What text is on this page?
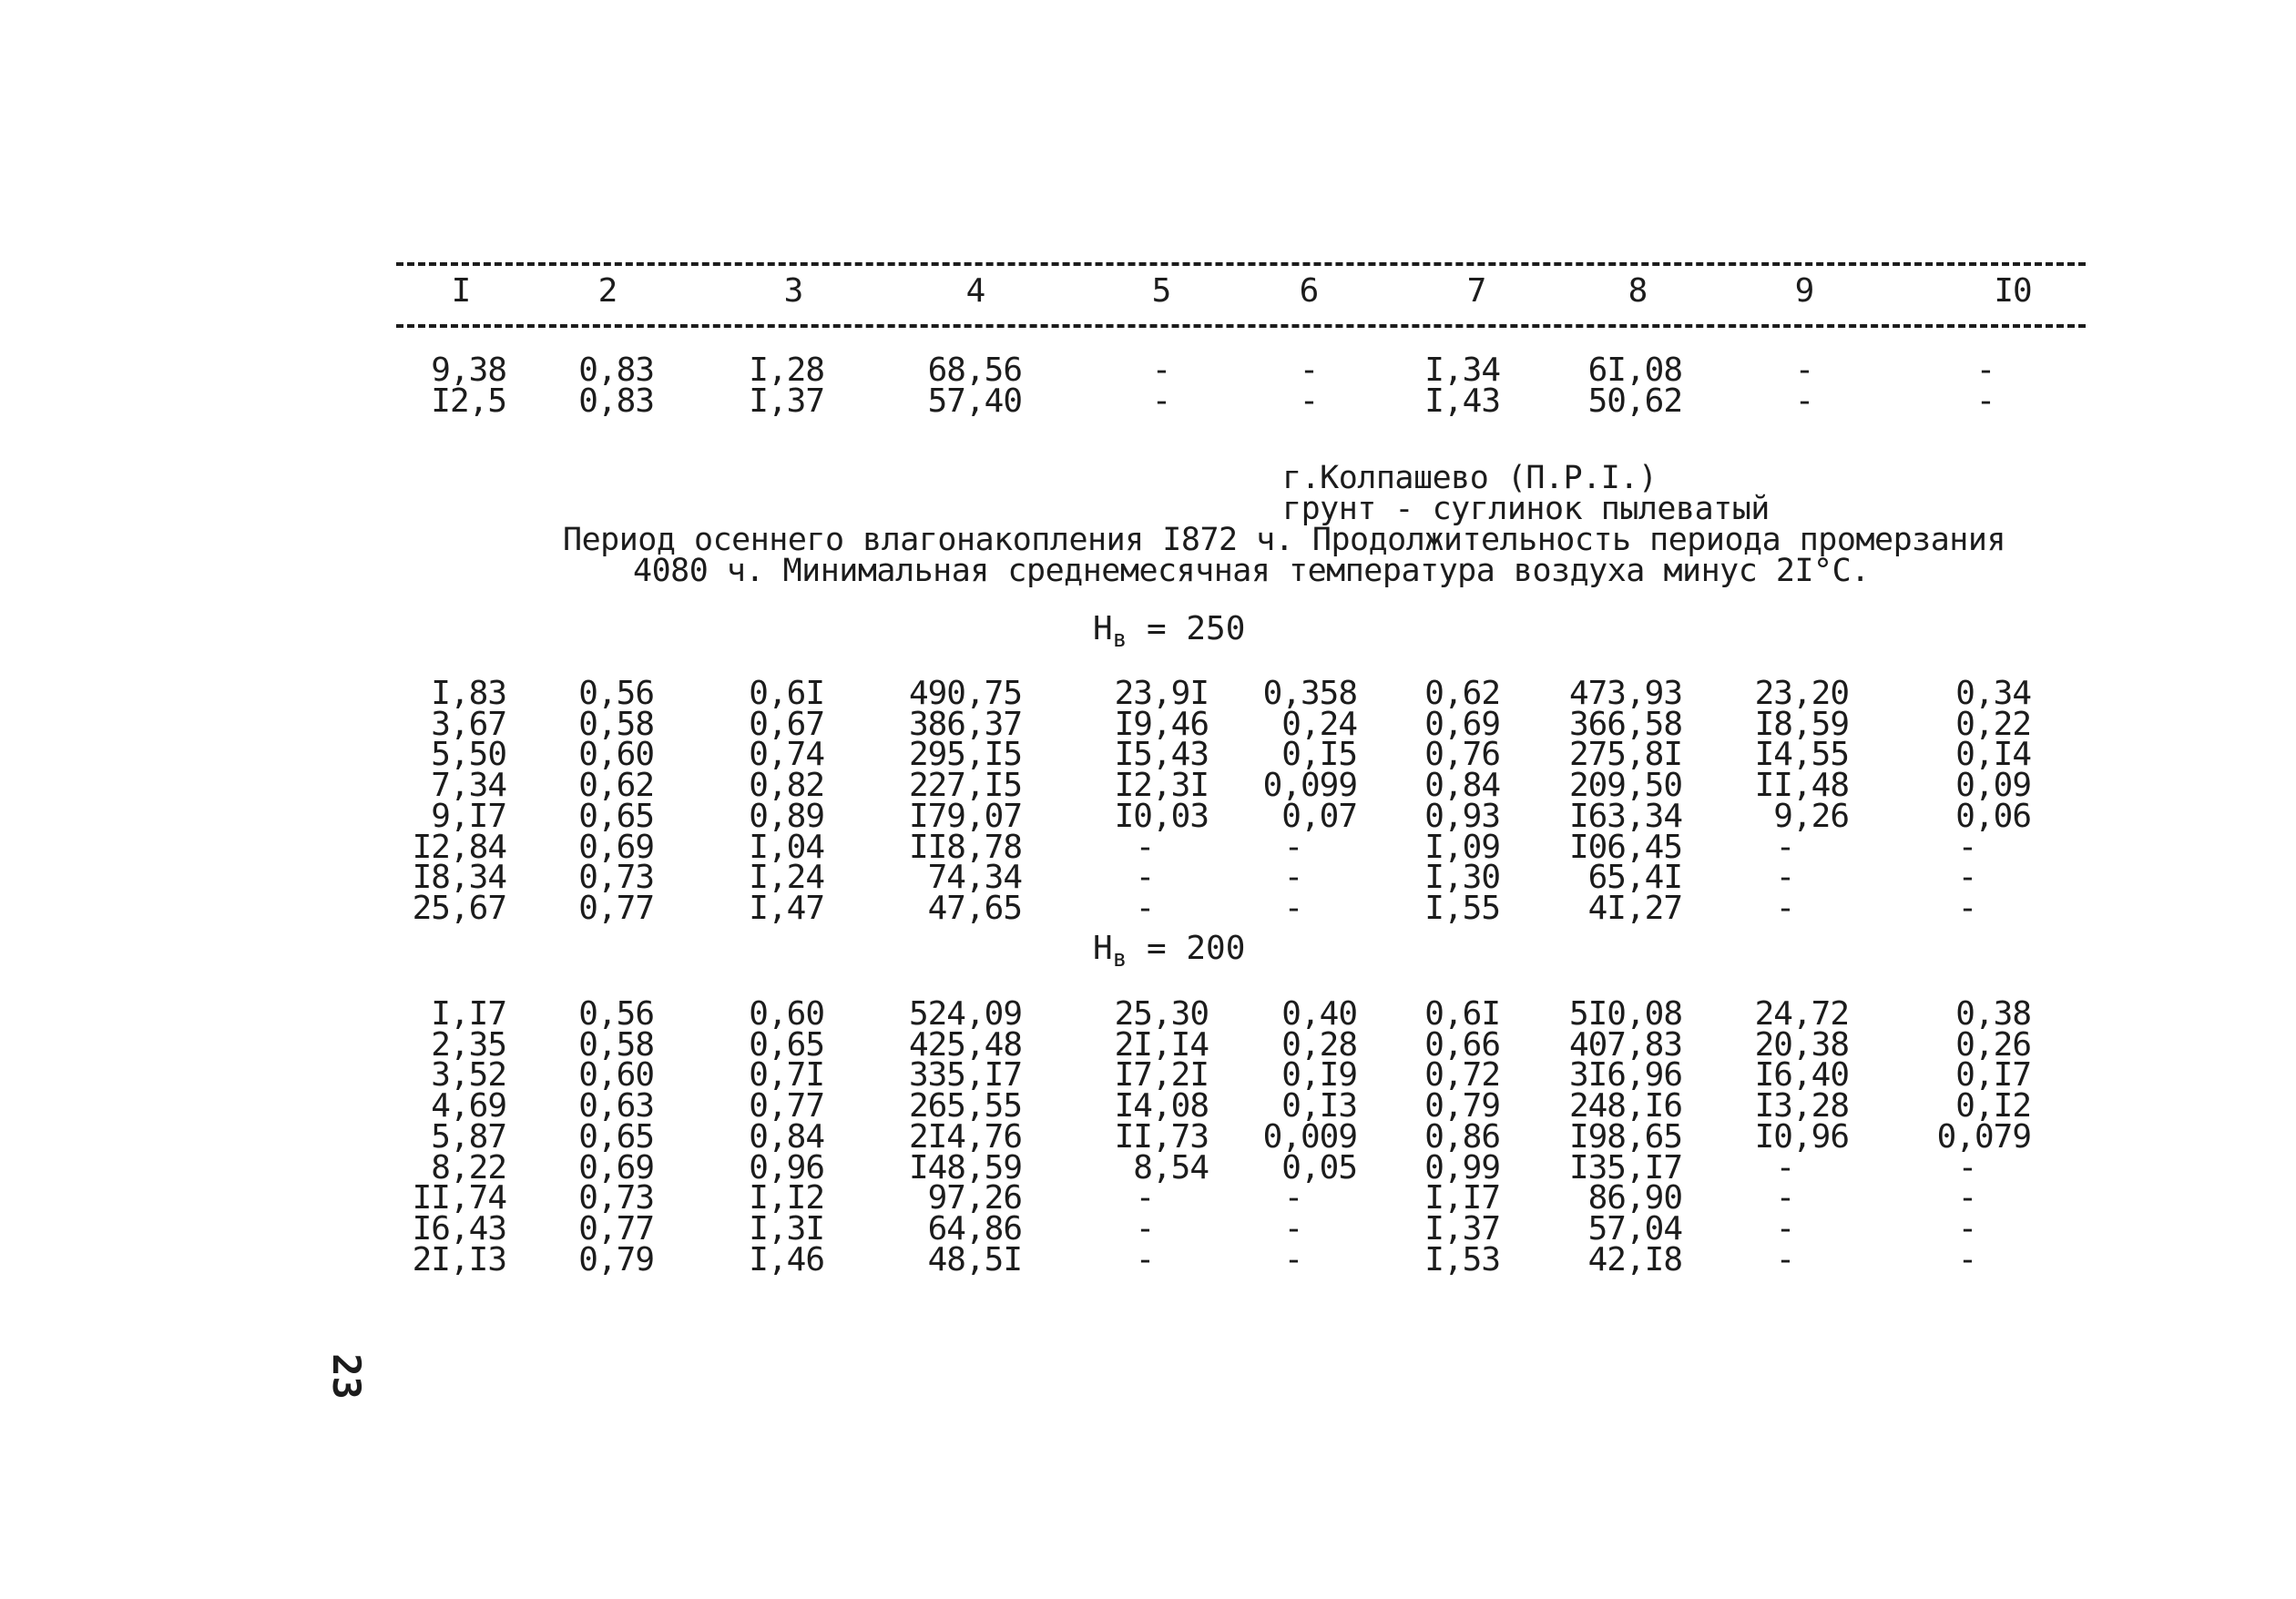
I	2	3	4	5	6	7	8	9	I0
9,38	0,83	I,28	68,56	-	-	I,34	6I,08	-	-
I2,5	0,83	I,37	57,40	-	-	I,43	50,62	-	-
г.Колпашево (П.Р.I.)
грунт - суглинок пылеватый
Период осеннего влагонакопления I872 ч. Продолжительность периода промерзания
4080 ч. Минимальная среднемесячная температура воздуха минус 2I°С.
$H_в = 250$
I,83	0,56	0,6I	490,75	23,9I	0,358	0,62	473,93	23,20	0,34
3,67	0,58	0,67	386,37	I9,46	0,24	0,69	366,58	I8,59	0,22
5,50	0,60	0,74	295,I5	I5,43	0,I5	0,76	275,8I	I4,55	0,I4
7,34	0,62	0,82	227,I5	I2,3I	0,099	0,84	209,50	II,48	0,09
9,I7	0,65	0,89	I79,07	I0,03	0,07	0,93	I63,34	9,26	0,06
I2,84	0,69	I,04	II8,78	-	-	I,09	I06,45	-	-
I8,34	0,73	I,24	74,34	-	-	I,30	65,4I	-	-
25,67	0,77	I,47	47,65	-	-	I,55	4I,27	-	-
$H_в = 200$
I,I7	0,56	0,60	524,09	25,30	0,40	0,6I	5I0,08	24,72	0,38
2,35	0,58	0,65	425,48	2I,I4	0,28	0,66	407,83	20,38	0,26
3,52	0,60	0,7I	335,I7	I7,2I	0,I9	0,72	3I6,96	I6,40	0,I7
4,69	0,63	0,77	265,55	I4,08	0,I3	0,79	248,I6	I3,28	0,I2
5,87	0,65	0,84	2I4,76	II,73	0,009	0,86	I98,65	I0,96	0,079
8,22	0,69	0,96	I48,59	8,54	0,05	0,99	I35,I7	-	-
II,74	0,73	I,I2	97,26	-	-	I,I7	86,90	-	-
I6,43	0,77	I,3I	64,86	-	-	I,37	57,04	-	-
2I,I3	0,79	I,46	48,5I	-	-	I,53	42,I8	-	-
23
